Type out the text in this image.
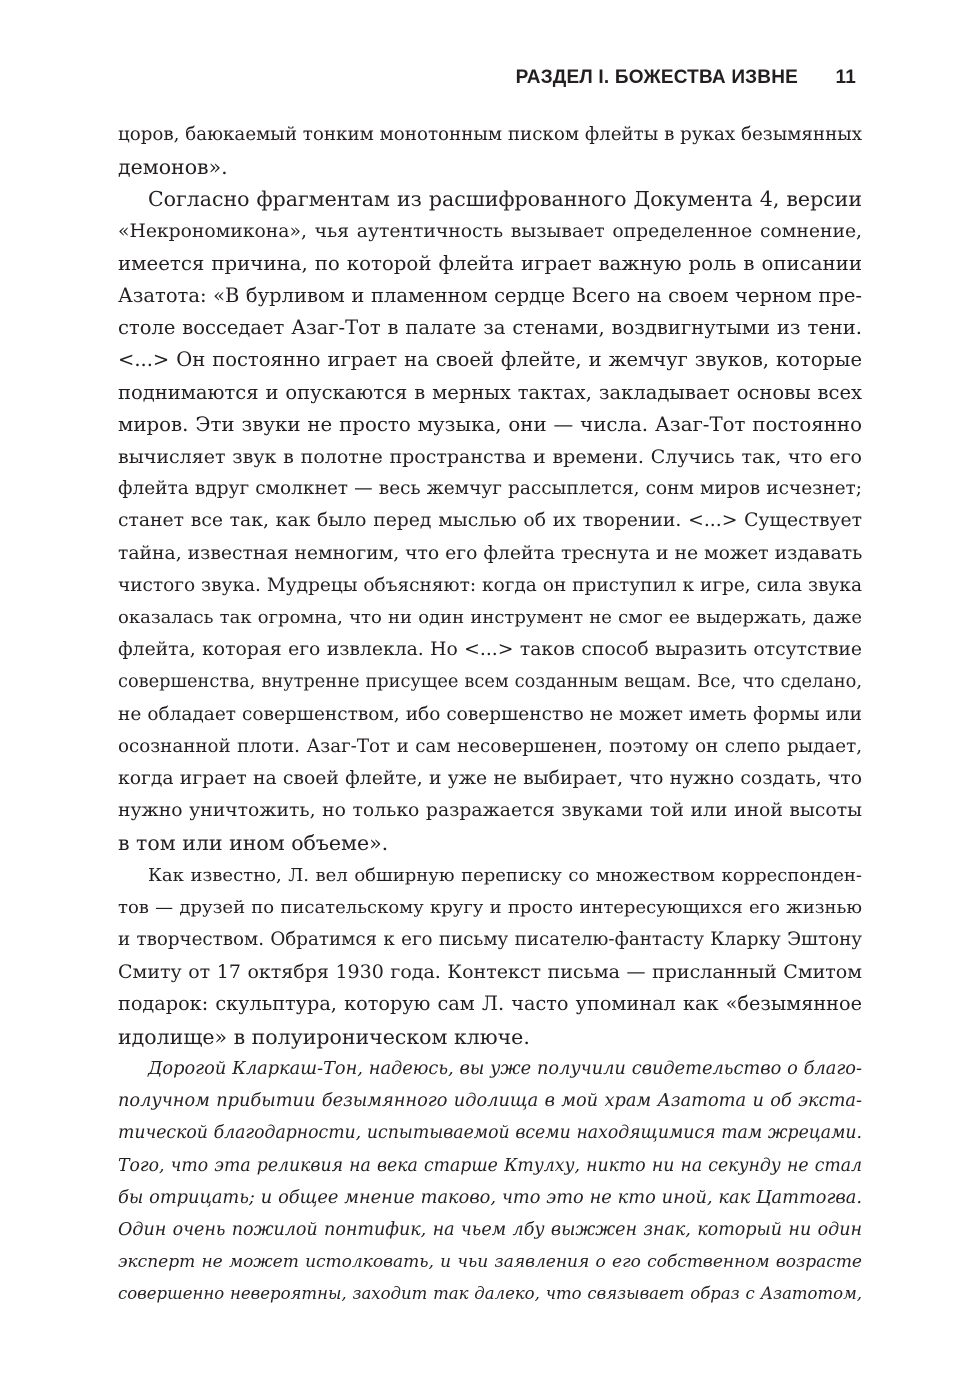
РАЗДЕЛ I. БОЖЕСТВА ИЗВНЕ 11
цоров, баюкаемый тонким монотонным писком флейты в руках безымянных
демонов».
Согласно фрагментам из расшифрованного Документа 4, версии
«Некрономикона», чья аутентичность вызывает определенное сомнение,
имеется причина, по которой флейта играет важную роль в описании
Азатота: «В бурливом и пламенном сердце Всего на своем черном пре-
столе восседает Азаг-Тот в палате за стенами, воздвигнутыми из тени.
<...> Он постоянно играет на своей флейте, и жемчуг звуков, которые
поднимаются и опускаются в мерных тактах, закладывает основы всех
миров. Эти звуки не просто музыка, они — числа. Азаг-Тот постоянно
вычисляет звук в полотне пространства и времени. Случись так, что его
флейта вдруг смолкнет — весь жемчуг рассыплется, сонм миров исчезнет;
станет все так, как было перед мыслью об их творении. <...> Существует
тайна, известная немногим, что его флейта треснута и не может издавать
чистого звука. Мудрецы объясняют: когда он приступил к игре, сила звука
оказалась так огромна, что ни один инструмент не смог ее выдержать, даже
флейта, которая его извлекла. Но <...> таков способ выразить отсутствие
совершенства, внутренне присущее всем созданным вещам. Все, что сделано,
не обладает совершенством, ибо совершенство не может иметь формы или
осознанной плоти. Азаг-Тот и сам несовершенен, поэтому он слепо рыдает,
когда играет на своей флейте, и уже не выбирает, что нужно создать, что
нужно уничтожить, но только разражается звуками той или иной высоты
в том или ином объеме».
Как известно, Л. вел обширную переписку со множеством корреспонден-
тов — друзей по писательскому кругу и просто интересующихся его жизнью
и творчеством. Обратимся к его письму писателю-фантасту Кларку Эштону
Смиту от 17 октября 1930 года. Контекст письма — присланный Смитом
подарок: скульптура, которую сам Л. часто упоминал как «безымянное
идолище» в полуироническом ключе.
Дорогой Кларкаш-Тон, надеюсь, вы уже получили свидетельство о благо-
получном прибытии безымянного идолища в мой храм Азатота и об экста-
тической благодарности, испытываемой всеми находящимися там жрецами.
Того, что эта реликвия на века старше Ктулху, никто ни на секунду не стал
бы отрицать; и общее мнение таково, что это не кто иной, как Цаттогва.
Один очень пожилой понтифик, на чьем лбу выжжен знак, который ни один
эксперт не может истолковать, и чьи заявления о его собственном возрасте
совершенно невероятны, заходит так далеко, что связывает образ с Азатотом,
